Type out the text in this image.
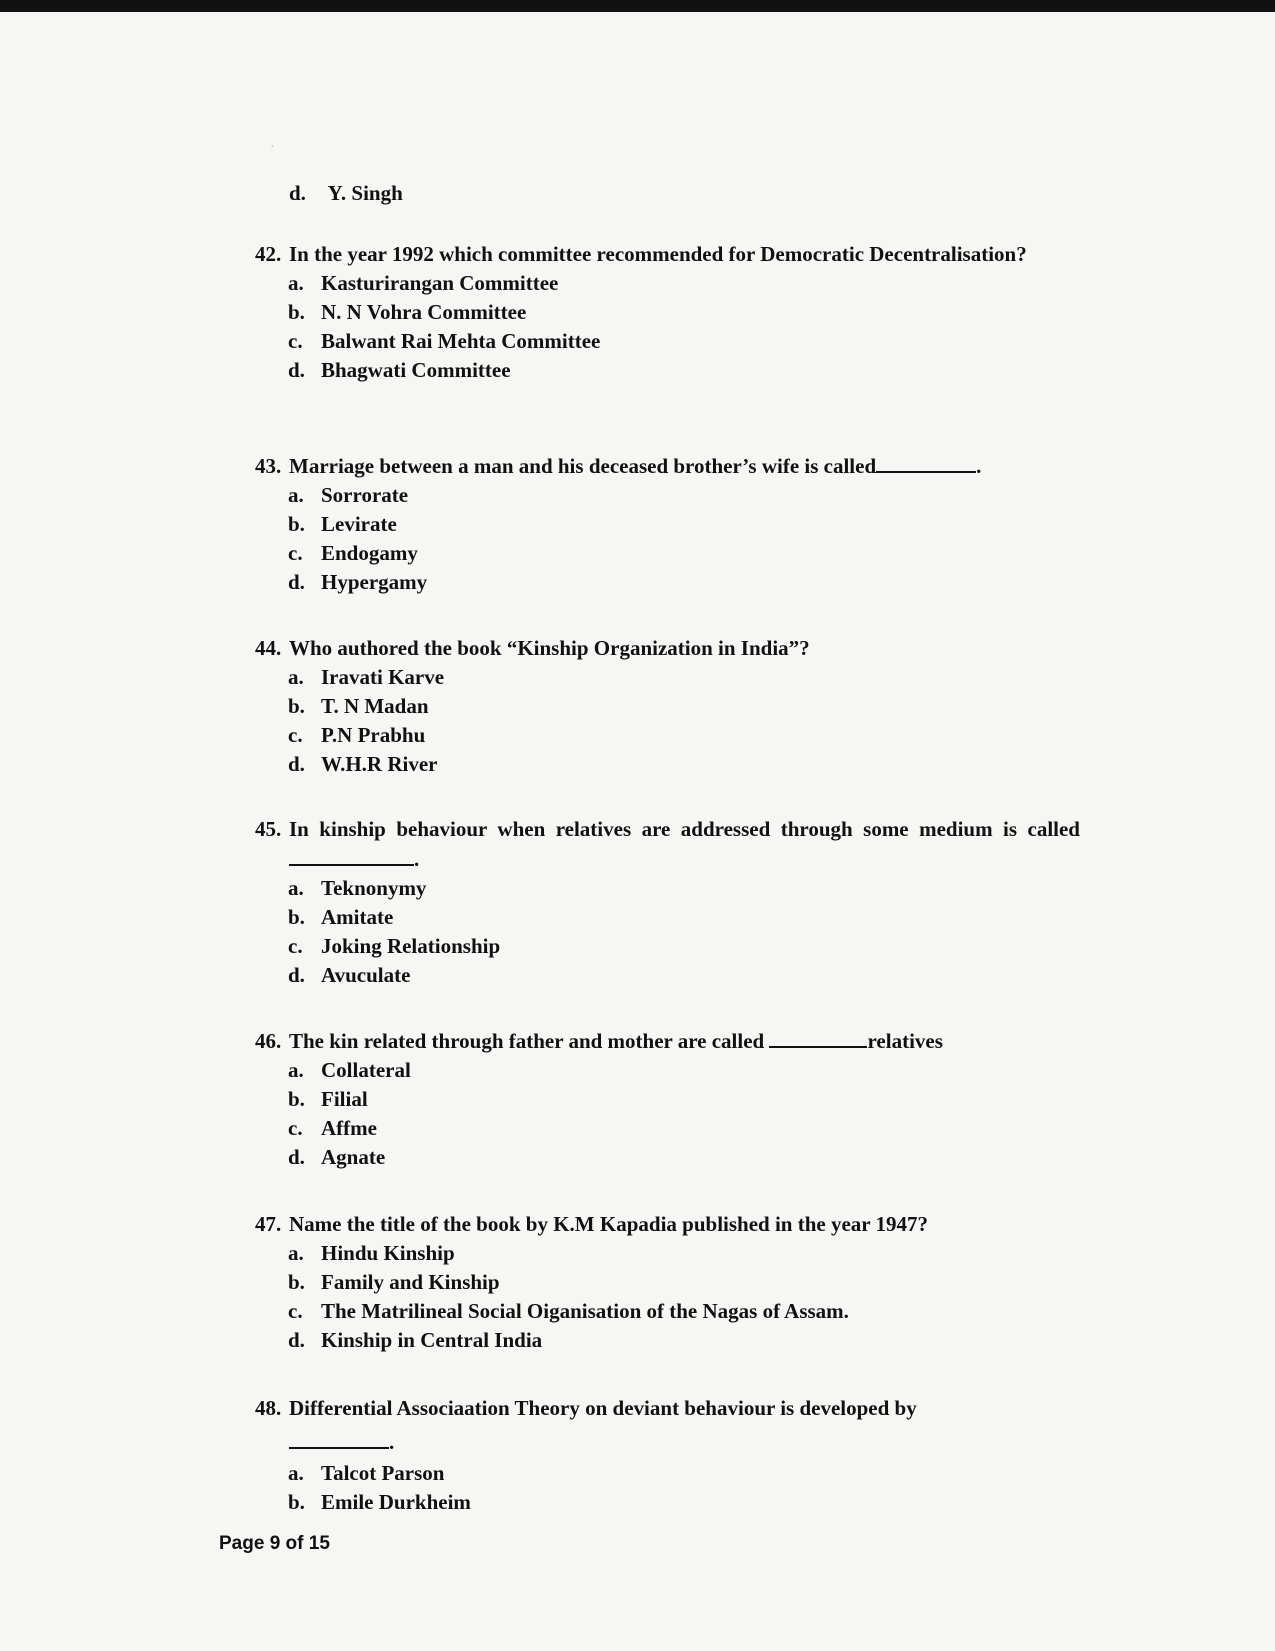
·
d. Y. Singh
42. In the year 1992 which committee recommended for Democratic Decentralisation?
a. Kasturirangan Committee
b. N. N Vohra Committee
c. Balwant Rai Mehta Committee
d. Bhagwati Committee
43. Marriage between a man and his deceased brother’s wife is called	.
a. Sorrorate
b. Levirate
c. Endogamy
d. Hypergamy
44. Who authored the book “Kinship Organization in India”?
a. Iravati Karve
b. T. N Madan
c. P.N Prabhu
d. W.H.R River
45. In kinship behaviour when relatives are addressed through some medium is called.
a. Teknonymy
b. Amitate
c. Joking Relationship
d. Avuculate
46. The kin related through father and mother are called	relatives
a. Collateral
b. Filial
c. Affme
d. Agnate
47. Name the title of the book by K.M Kapadia published in the year 1947?
a. Hindu Kinship
b. Family and Kinship
c. The Matrilineal Social Oiganisation of the Nagas of Assam.
d. Kinship in Central India
48. Differential Associaation Theory on deviant behaviour is developed by
.
a. Talcot Parson
b. Emile Durkheim
Page 9 of 15
